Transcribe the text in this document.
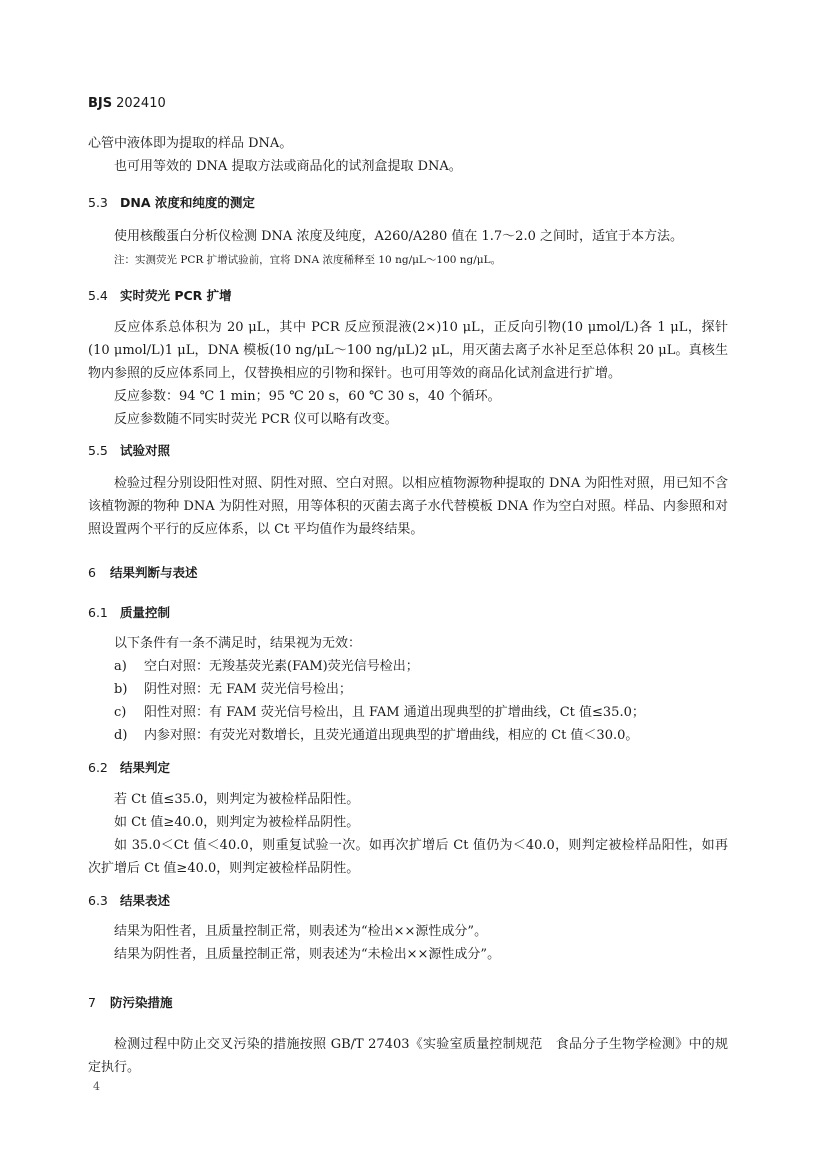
BJS 202410
心管中液体即为提取的样品 DNA。
也可用等效的 DNA 提取方法或商品化的试剂盒提取 DNA。
5.3 DNA 浓度和纯度的测定
使用核酸蛋白分析仪检测 DNA 浓度及纯度，A260/A280 值在 1.7～2.0 之间时，适宜于本方法。
注：实测荧光 PCR 扩增试验前，宜将 DNA 浓度稀释至 10 ng/μL～100 ng/μL。
5.4 实时荧光 PCR 扩增
反应体系总体积为 20 μL，其中 PCR 反应预混液(2×)10 μL，正反向引物(10 μmol/L)各 1 μL，探针(10 μmol/L)1 μL，DNA 模板(10 ng/μL～100 ng/μL)2 μL，用灭菌去离子水补足至总体积 20 μL。真核生物内参照的反应体系同上，仅替换相应的引物和探针。也可用等效的商品化试剂盒进行扩增。
反应参数：94 ℃ 1 min；95 ℃ 20 s，60 ℃ 30 s，40 个循环。
反应参数随不同实时荧光 PCR 仪可以略有改变。
5.5 试验对照
检验过程分别设阳性对照、阴性对照、空白对照。以相应植物源物种提取的 DNA 为阳性对照，用已知不含该植物源的物种 DNA 为阴性对照，用等体积的灭菌去离子水代替模板 DNA 作为空白对照。样品、内参照和对照设置两个平行的反应体系，以 Ct 平均值作为最终结果。
6 结果判断与表述
6.1 质量控制
以下条件有一条不满足时，结果视为无效：
a) 空白对照：无羧基荧光素(FAM)荧光信号检出；
b) 阴性对照：无 FAM 荧光信号检出；
c) 阳性对照：有 FAM 荧光信号检出，且 FAM 通道出现典型的扩增曲线，Ct 值≤35.0；
d) 内参对照：有荧光对数增长，且荧光通道出现典型的扩增曲线，相应的 Ct 值＜30.0。
6.2 结果判定
若 Ct 值≤35.0，则判定为被检样品阳性。
如 Ct 值≥40.0，则判定为被检样品阴性。
如 35.0＜Ct 值＜40.0，则重复试验一次。如再次扩增后 Ct 值仍为＜40.0，则判定被检样品阳性，如再次扩增后 Ct 值≥40.0，则判定被检样品阴性。
6.3 结果表述
结果为阳性者，且质量控制正常，则表述为“检出××源性成分”。
结果为阴性者，且质量控制正常，则表述为“未检出××源性成分”。
7 防污染措施
检测过程中防止交叉污染的措施按照 GB/T 27403《实验室质量控制规范　食品分子生物学检测》中的规定执行。
4
